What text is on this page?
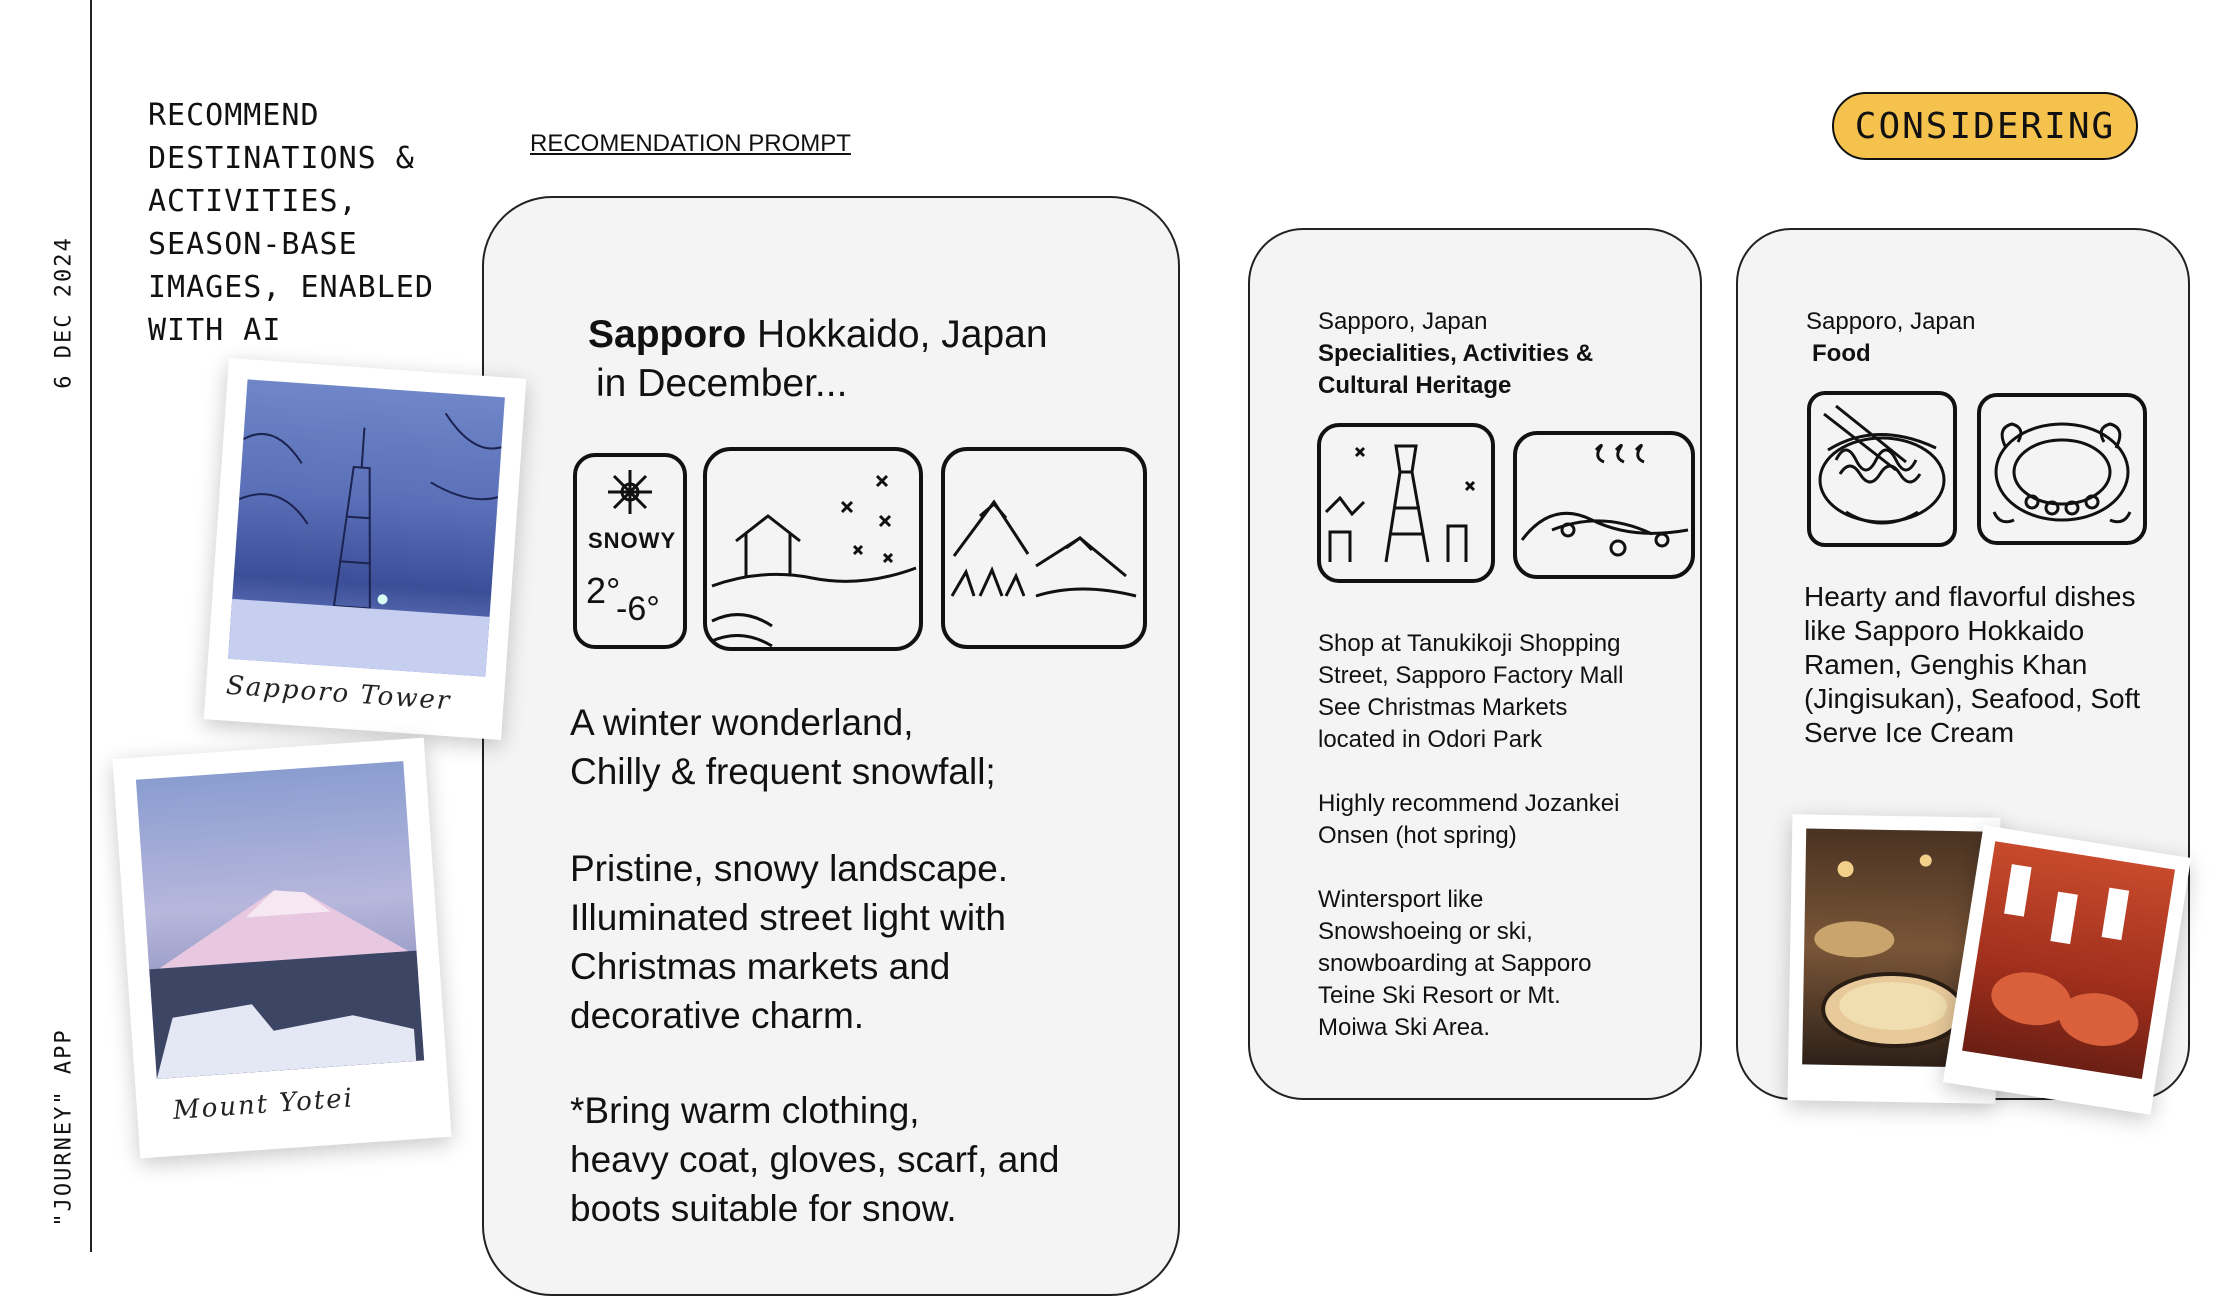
6 DEC 2024
"JOURNEY" APP
RECOMMEND
DESTINATIONS &
ACTIVITIES,
SEASON-BASE
IMAGES, ENABLED
WITH AI
RECOMENDATION PROMPT	CONSIDERING
Sapporo Hokkaido, Japan
in December...
SNOWY
2°
-6°
A winter wonderland,
Chilly & frequent snowfall;
Pristine, snowy landscape.
Illuminated street light with
Christmas markets and
decorative charm.
*Bring warm clothing,
heavy coat, gloves, scarf, and
boots suitable for snow.
Sapporo, Japan
Specialities, Activities &
Cultural Heritage
Shop at Tanukikoji Shopping
Street, Sapporo Factory Mall
See Christmas Markets
located in Odori Park
Highly recommend Jozankei
Onsen (hot spring)
Wintersport like
Snowshoeing or ski,
snowboarding at Sapporo
Teine Ski Resort or Mt.
Moiwa Ski Area.
Sapporo, Japan
Food
Hearty and flavorful dishes
like Sapporo Hokkaido
Ramen, Genghis Khan
(Jingisukan), Seafood, Soft
Serve Ice Cream
Sapporo Tower
Mount Yotei
